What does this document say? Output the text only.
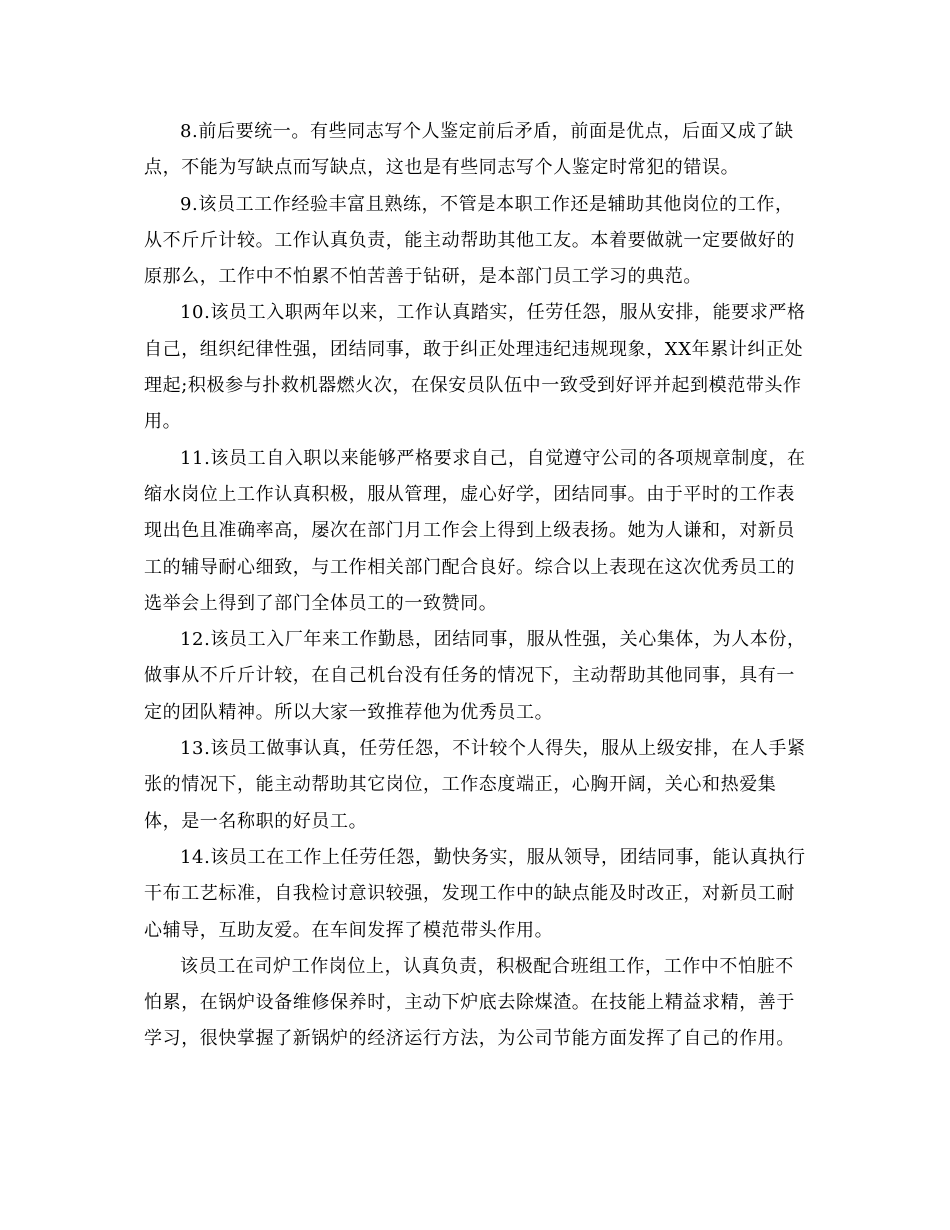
8.前后要统一。有些同志写个人鉴定前后矛盾，前面是优点，后面又成了缺
点，不能为写缺点而写缺点，这也是有些同志写个人鉴定时常犯的错误。

9.该员工工作经验丰富且熟练，不管是本职工作还是辅助其他岗位的工作，
从不斤斤计较。工作认真负责，能主动帮助其他工友。本着要做就一定要做好的
原那么，工作中不怕累不怕苦善于钻研，是本部门员工学习的典范。

10.该员工入职两年以来，工作认真踏实，任劳任怨，服从安排，能要求严格
自己，组织纪律性强，团结同事，敢于纠正处理违纪违规现象，XX年累计纠正处
理起;积极参与扑救机器燃火次，在保安员队伍中一致受到好评并起到模范带头作
用。

11.该员工自入职以来能够严格要求自己，自觉遵守公司的各项规章制度，在
缩水岗位上工作认真积极，服从管理，虚心好学，团结同事。由于平时的工作表
现出色且准确率高，屡次在部门月工作会上得到上级表扬。她为人谦和，对新员
工的辅导耐心细致，与工作相关部门配合良好。综合以上表现在这次优秀员工的
选举会上得到了部门全体员工的一致赞同。

12.该员工入厂年来工作勤恳，团结同事，服从性强，关心集体，为人本份，
做事从不斤斤计较，在自己机台没有任务的情况下，主动帮助其他同事，具有一
定的团队精神。所以大家一致推荐他为优秀员工。

13.该员工做事认真，任劳任怨，不计较个人得失，服从上级安排，在人手紧
张的情况下，能主动帮助其它岗位，工作态度端正，心胸开阔，关心和热爱集
体，是一名称职的好员工。

14.该员工在工作上任劳任怨，勤快务实，服从领导，团结同事，能认真执行
干布工艺标准，自我检讨意识较强，发现工作中的缺点能及时改正，对新员工耐
心辅导，互助友爱。在车间发挥了模范带头作用。

该员工在司炉工作岗位上，认真负责，积极配合班组工作，工作中不怕脏不
怕累，在锅炉设备维修保养时，主动下炉底去除煤渣。在技能上精益求精，善于
学习，很快掌握了新锅炉的经济运行方法，为公司节能方面发挥了自己的作用。
